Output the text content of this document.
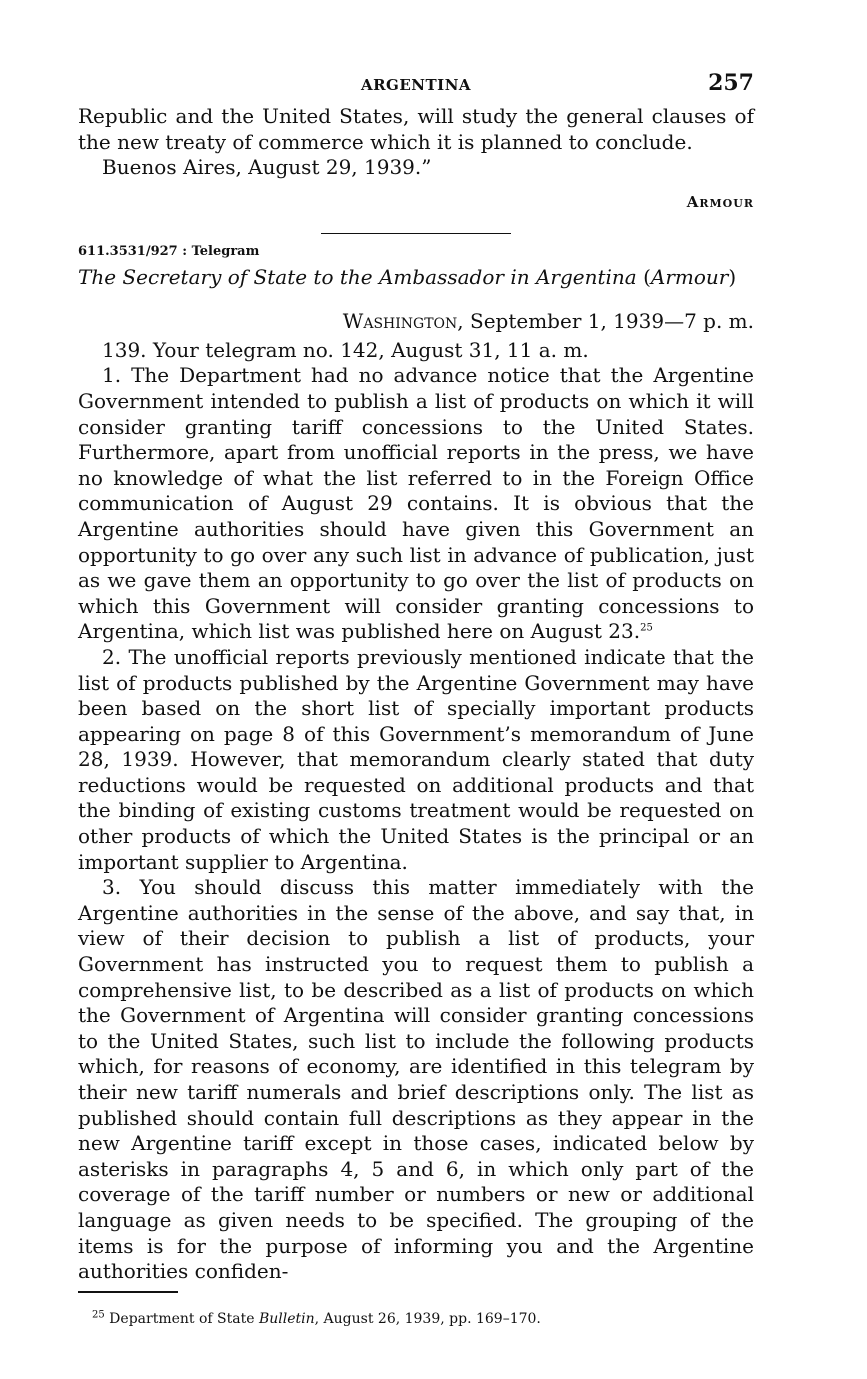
ARGENTINA	257

Republic and the United States, will study the general clauses of the new treaty of commerce which it is planned to conclude.

Buenos Aires, August 29, 1939.”

Armour
611.3531/927 : Telegram
The Secretary of State to the Ambassador in Argentina (Armour)
Washington, September 1, 1939—7 p. m.

139. Your telegram no. 142, August 31, 11 a. m.

1. The Department had no advance notice that the Argentine Government intended to publish a list of products on which it will consider granting tariff concessions to the United States. Furthermore, apart from unofficial reports in the press, we have no knowledge of what the list referred to in the Foreign Office communication of August 29 contains. It is obvious that the Argentine authorities should have given this Government an opportunity to go over any such list in advance of publication, just as we gave them an opportunity to go over the list of products on which this Government will consider granting concessions to Argentina, which list was published here on August 23.25

2. The unofficial reports previously mentioned indicate that the list of products published by the Argentine Government may have been based on the short list of specially important products appearing on page 8 of this Government’s memorandum of June 28, 1939. However, that memorandum clearly stated that duty reductions would be requested on additional products and that the binding of existing customs treatment would be requested on other products of which the United States is the principal or an important supplier to Argentina.

3. You should discuss this matter immediately with the Argentine authorities in the sense of the above, and say that, in view of their decision to publish a list of products, your Government has instructed you to request them to publish a comprehensive list, to be described as a list of products on which the Government of Argentina will consider granting concessions to the United States, such list to include the following products which, for reasons of economy, are identified in this telegram by their new tariff numerals and brief descriptions only. The list as published should contain full descriptions as they appear in the new Argentine tariff except in those cases, indicated below by asterisks in paragraphs 4, 5 and 6, in which only part of the coverage of the tariff number or numbers or new or additional language as given needs to be specified. The grouping of the items is for the purpose of informing you and the Argentine authorities confiden-

$^{25}$ Department of State Bulletin, August 26, 1939, pp. 169–170.
